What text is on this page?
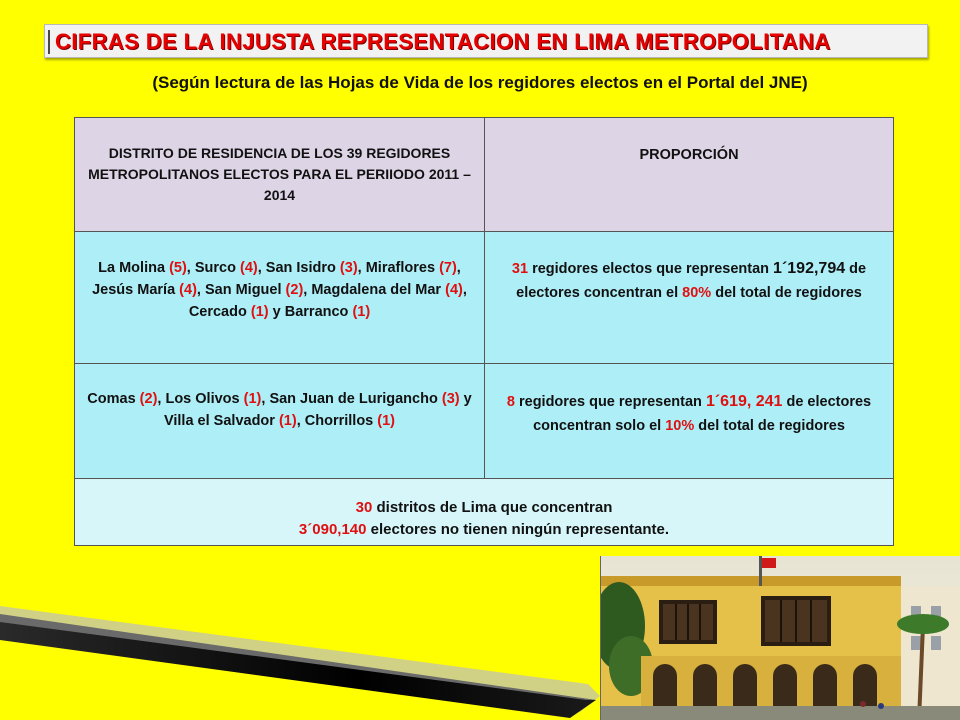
CIFRAS DE LA INJUSTA REPRESENTACION EN LIMA METROPOLITANA
(Según lectura de las Hojas de Vida de los regidores electos en el Portal del JNE)
DISTRITO DE RESIDENCIA DE LOS 39 REGIDORES METROPOLITANOS ELECTOS PARA EL PERIIODO 2011 – 2014
PROPORCIÓN
La Molina (5), Surco (4), San Isidro (3), Miraflores (7), Jesús María (4), San Miguel (2), Magdalena del Mar (4), Cercado (1) y Barranco (1)
31 regidores electos que representan 1´192,794 de electores concentran el 80% del total de regidores
Comas (2), Los Olivos (1), San Juan de Lurigancho (3) y Villa el Salvador (1), Chorrillos (1)
8 regidores que representan 1´619, 241 de electores concentran solo el 10% del total de regidores
30 distritos de Lima que concentran
3´090,140 electores no tienen ningún representante.
